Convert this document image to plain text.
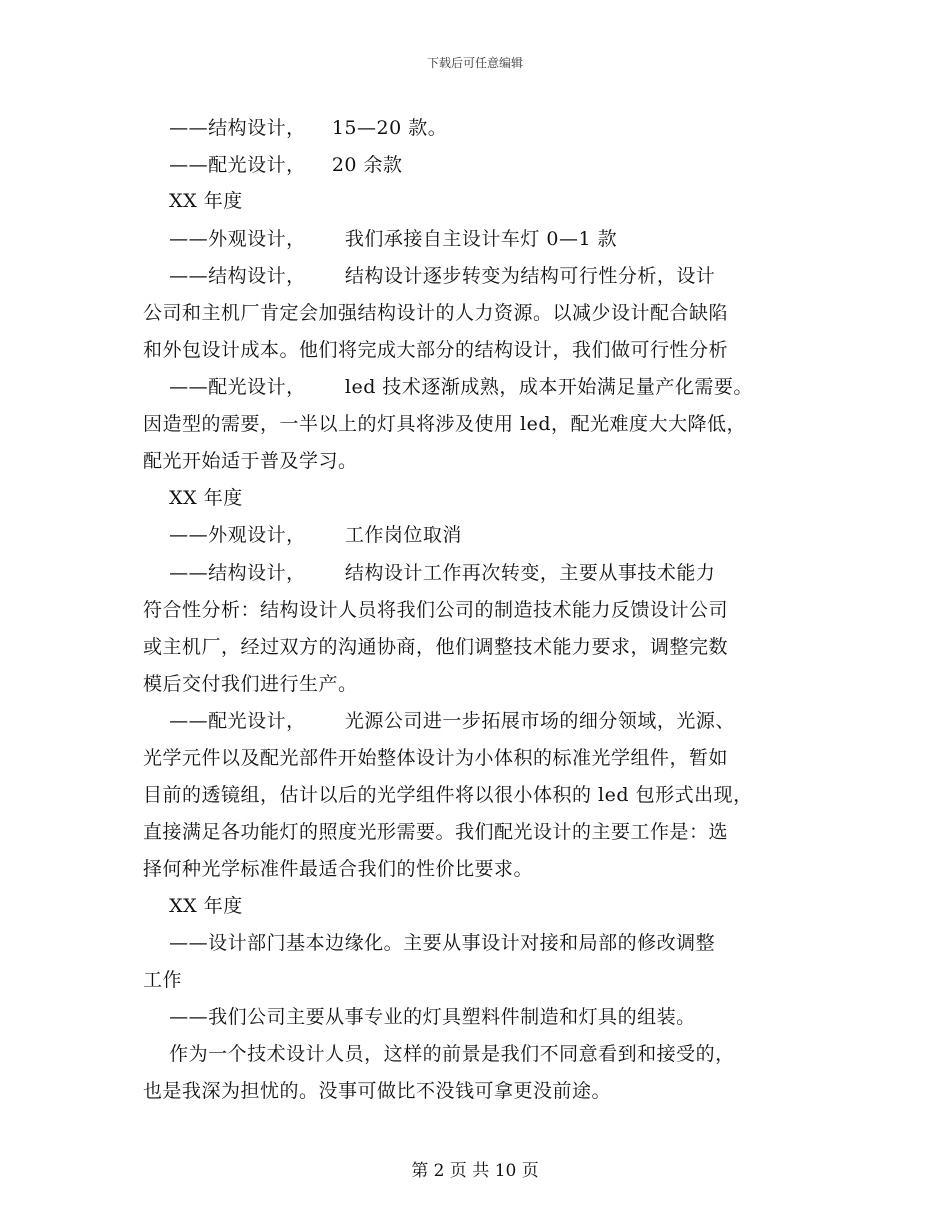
下载后可任意编辑
——结构设计，    15—20 款。
——配光设计，    20 余款
XX 年度
——外观设计，      我们承接自主设计车灯 0—1 款
——结构设计，      结构设计逐步转变为结构可行性分析，设计
公司和主机厂肯定会加强结构设计的人力资源。以减少设计配合缺陷
和外包设计成本。他们将完成大部分的结构设计，我们做可行性分析
——配光设计，      led 技术逐渐成熟，成本开始满足量产化需要。
因造型的需要，一半以上的灯具将涉及使用 led，配光难度大大降低，
配光开始适于普及学习。
XX 年度
——外观设计，      工作岗位取消
——结构设计，      结构设计工作再次转变，主要从事技术能力
符合性分析：结构设计人员将我们公司的制造技术能力反馈设计公司
或主机厂，经过双方的沟通协商，他们调整技术能力要求，调整完数
模后交付我们进行生产。
——配光设计，      光源公司进一步拓展市场的细分领域，光源、
光学元件以及配光部件开始整体设计为小体积的标准光学组件，暂如
目前的透镜组，估计以后的光学组件将以很小体积的 led 包形式出现，
直接满足各功能灯的照度光形需要。我们配光设计的主要工作是：选
择何种光学标准件最适合我们的性价比要求。
XX 年度
——设计部门基本边缘化。主要从事设计对接和局部的修改调整
工作
——我们公司主要从事专业的灯具塑料件制造和灯具的组装。
作为一个技术设计人员，这样的前景是我们不同意看到和接受的，
也是我深为担忧的。没事可做比不没钱可拿更没前途。
第 2 页 共 10 页
